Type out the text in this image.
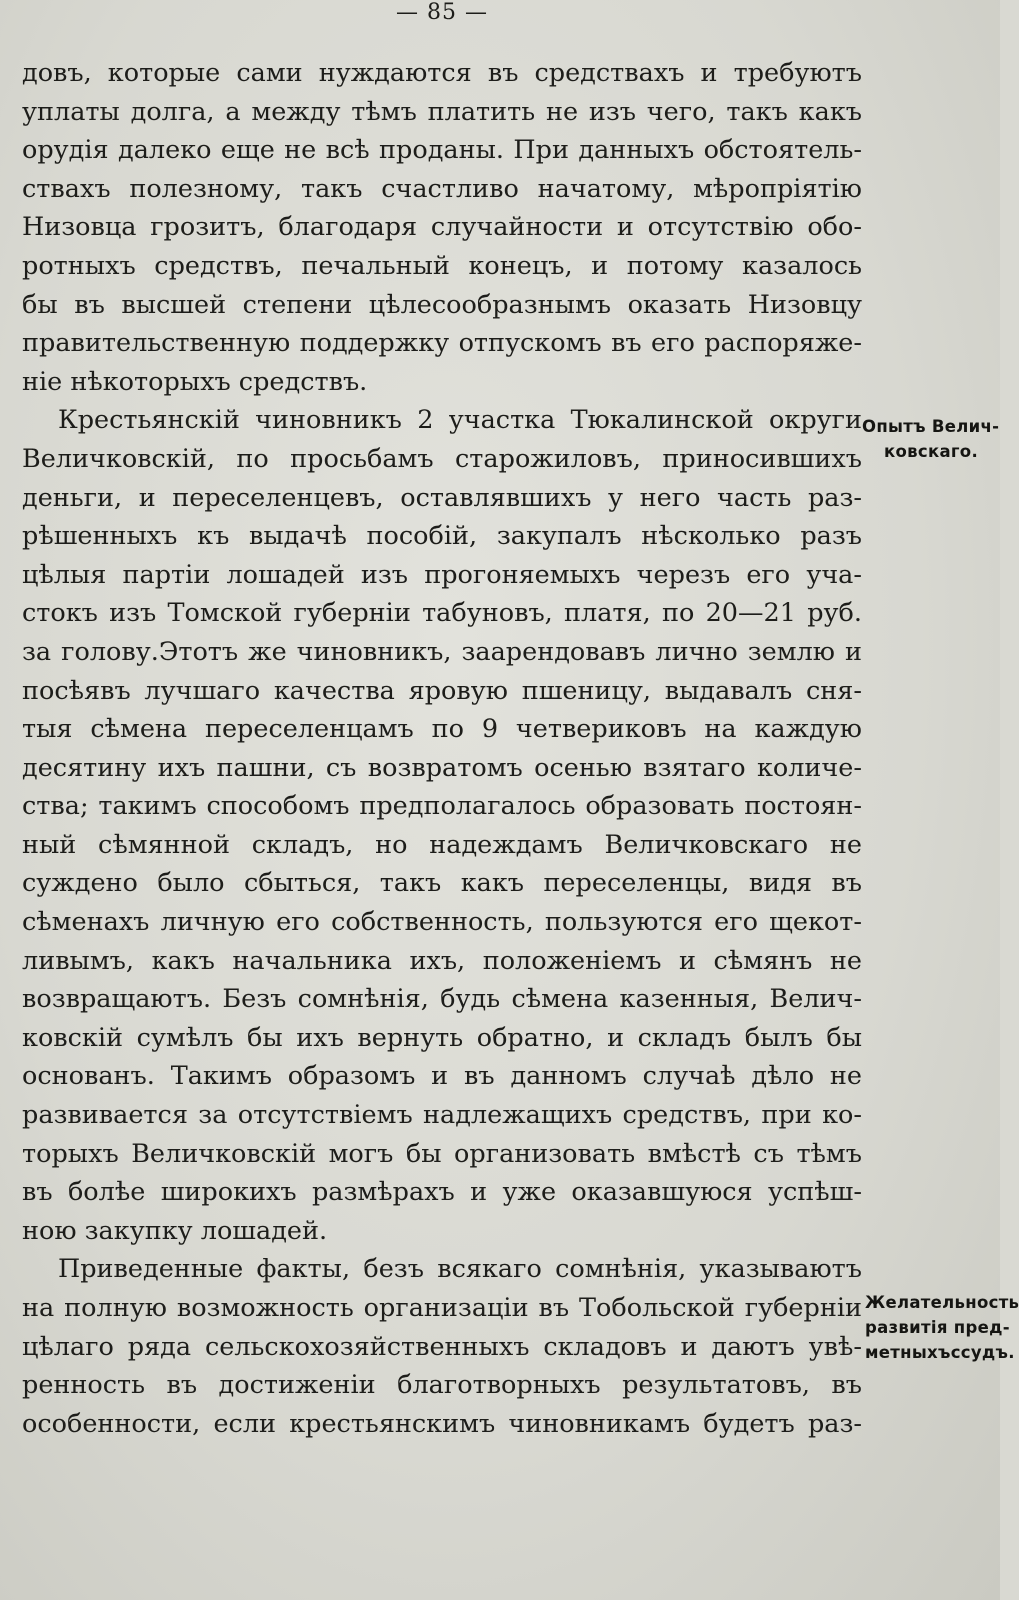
— 85 —
довъ, которые сами нуждаются въ средствахъ и требуютъ
уплаты долга, а между тѣмъ платить не изъ чего, такъ какъ
орудія далеко еще не всѣ проданы. При данныхъ обстоятель-
ствахъ полезному, такъ счастливо начатому, мѣропріятію
Низовца грозитъ, благодаря случайности и отсутствію обо-
ротныхъ средствъ, печальный конецъ, и потому казалось
бы въ высшей степени цѣлесообразнымъ оказать Низовцу
правительственную поддержку отпускомъ въ его распоряже-
ніе нѣкоторыхъ средствъ.
Крестьянскій чиновникъ 2 участка Тюкалинской округи
Величковскій, по просьбамъ старожиловъ, приносившихъ
деньги, и переселенцевъ, оставлявшихъ у него часть раз-
рѣшенныхъ къ выдачѣ пособій, закупалъ нѣсколько разъ
цѣлыя партіи лошадей изъ прогоняемыхъ черезъ его уча-
стокъ изъ Томской губерніи табуновъ, платя, по 20—21 руб.
за голову.Этотъ же чиновникъ, заарендовавъ лично землю и
посѣявъ лучшаго качества яровую пшеницу, выдавалъ сня-
тыя сѣмена переселенцамъ по 9 четвериковъ на каждую
десятину ихъ пашни, съ возвратомъ осенью взятаго количе-
ства; такимъ способомъ предполагалось образовать постоян-
ный сѣмянной складъ, но надеждамъ Величковскаго не
суждено было сбыться, такъ какъ переселенцы, видя въ
сѣменахъ личную его собственность, пользуются его щекот-
ливымъ, какъ начальника ихъ, положеніемъ и сѣмянъ не
возвращаютъ. Безъ сомнѣнія, будь сѣмена казенныя, Велич-
ковскій сумѣлъ бы ихъ вернуть обратно, и складъ былъ бы
основанъ. Такимъ образомъ и въ данномъ случаѣ дѣло не
развивается за отсутствіемъ надлежащихъ средствъ, при ко-
торыхъ Величковскій могъ бы организовать вмѣстѣ съ тѣмъ
въ болѣе широкихъ размѣрахъ и уже оказавшуюся успѣш-
ною закупку лошадей.
Приведенные факты, безъ всякаго сомнѣнія, указываютъ
на полную возможность организаціи въ Тобольской губерніи
цѣлаго ряда сельскохозяйственныхъ складовъ и даютъ увѣ-
ренность въ достиженіи благотворныхъ результатовъ, въ
особенности, если крестьянскимъ чиновникамъ будетъ раз-
Опытъ Велич-
ковскаго.
Желательность
развитія пред-
метныхъссудъ.
